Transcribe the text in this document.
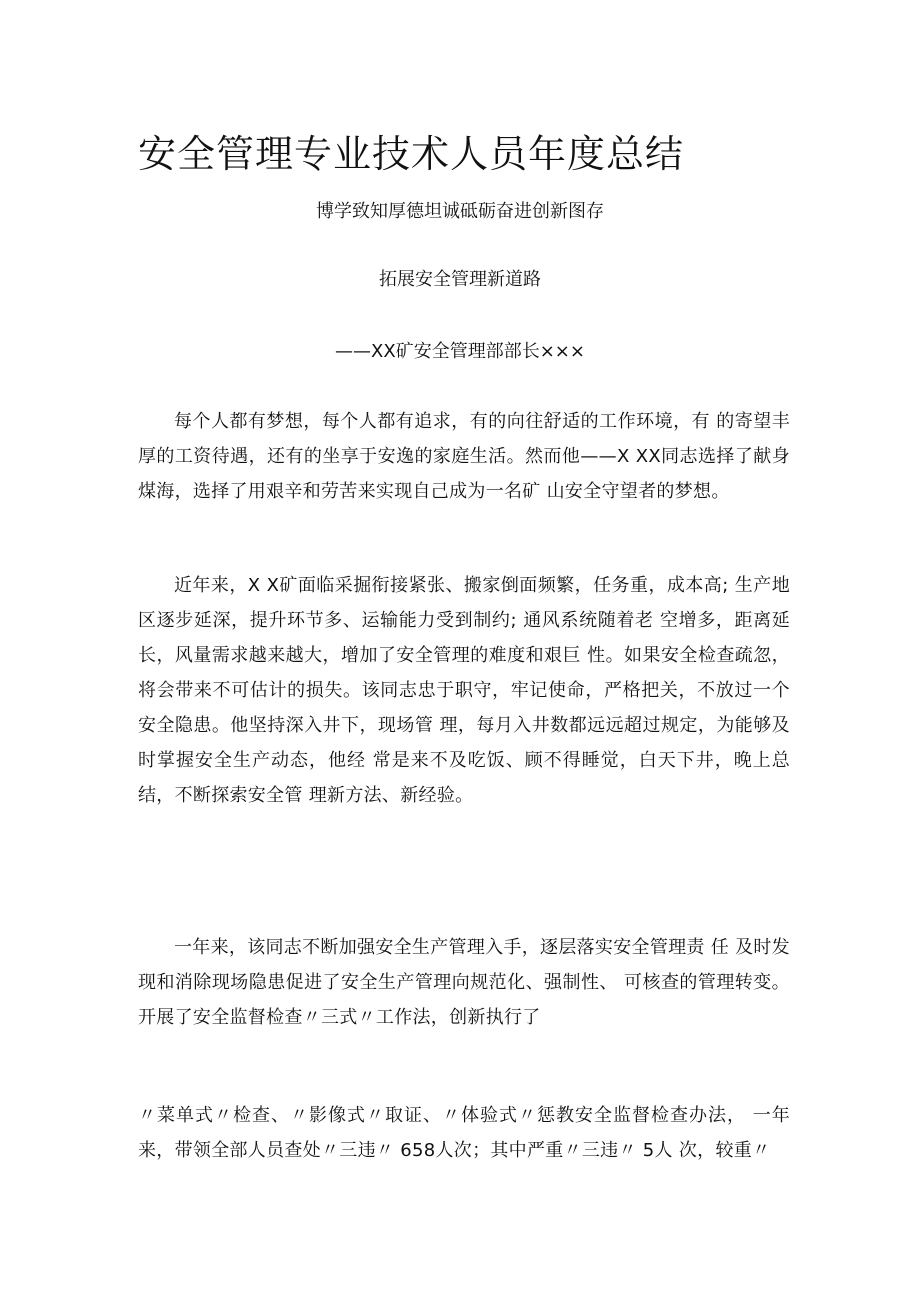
安全管理专业技术人员年度总结
博学致知厚德坦诚砥砺奋进创新图存
拓展安全管理新道路
——XX矿安全管理部部长×××

每个人都有梦想，每个人都有追求，有的向往舒适的工作环境，有 的寄望丰厚的工资待遇，还有的坐享于安逸的家庭生活。然而他——X XX同志选择了献身煤海，选择了用艰辛和劳苦来实现自己成为一名矿 山安全守望者的梦想。

近年来，X X矿面临采掘衔接紧张、搬家倒面频繁，任务重，成本高; 生产地区逐步延深，提升环节多、运输能力受到制约; 通风系统随着老 空增多，距离延长，风量需求越来越大，增加了安全管理的难度和艰巨 性。如果安全检查疏忽，将会带来不可估计的损失。该同志忠于职守，牢记使命，严格把关，不放过一个安全隐患。他坚持深入井下，现场管 理，每月入井数都远远超过规定，为能够及时掌握安全生产动态，他经 常是来不及吃饭、顾不得睡觉，白天下井，晚上总结，不断探索安全管 理新方法、新经验。

一年来，该同志不断加强安全生产管理入手，逐层落实安全管理责 任 及时发现和消除现场隐患促进了安全生产管理向规范化、强制性、 可核查的管理转变。开展了安全监督检查〃三式〃工作法，创新执行了

〃菜单式〃检查、〃影像式〃取证、〃体验式〃惩教安全监督检查办法， 一年来，带领全部人员查处〃三违〃 658人次；其中严重〃三违〃 5人 次，较重〃
